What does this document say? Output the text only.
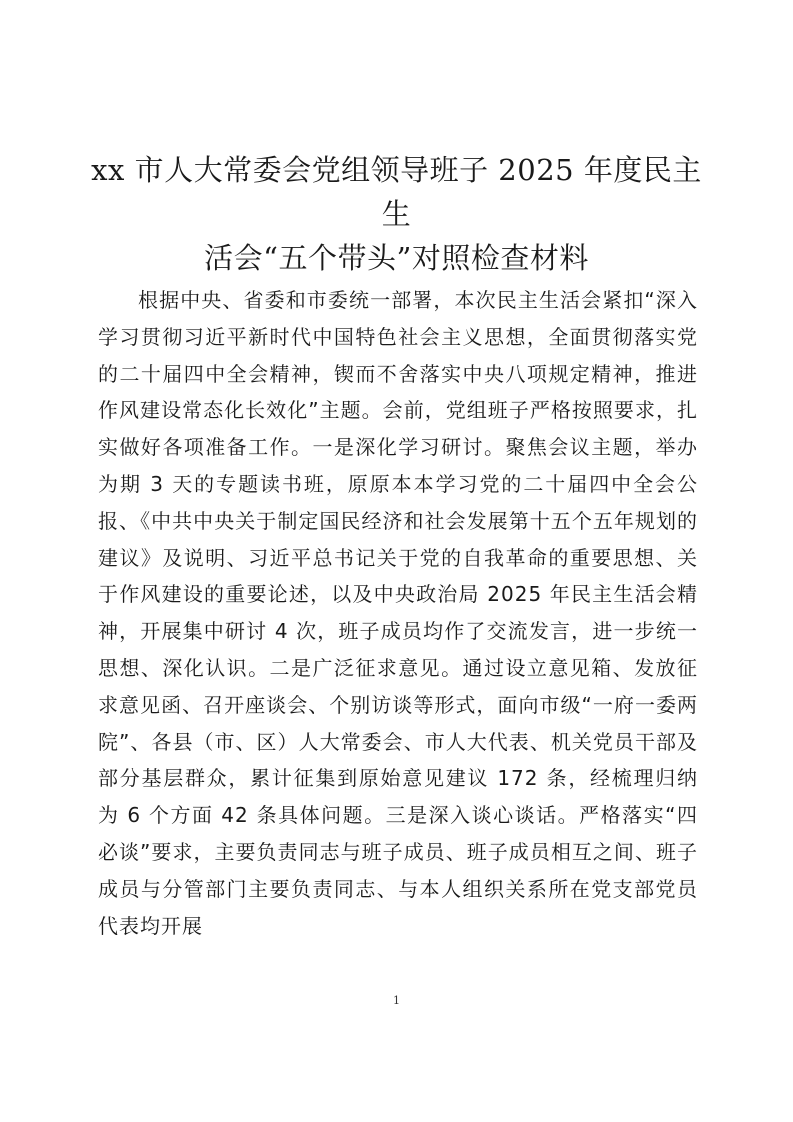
xx 市人大常委会党组领导班子 2025 年度民主生
活会“五个带头”对照检查材料

根据中央、省委和市委统一部署，本次民主生活会紧扣“深入学习贯彻习近平新时代中国特色社会主义思想，全面贯彻落实党的二十届四中全会精神，锲而不舍落实中央八项规定精神，推进作风建设常态化长效化”主题。会前，党组班子严格按照要求，扎实做好各项准备工作。一是深化学习研讨。聚焦会议主题，举办为期 3 天的专题读书班，原原本本学习党的二十届四中全会公报、《中共中央关于制定国民经济和社会发展第十五个五年规划的建议》及说明、习近平总书记关于党的自我革命的重要思想、关于作风建设的重要论述，以及中央政治局 2025 年民主生活会精神，开展集中研讨 4 次，班子成员均作了交流发言，进一步统一思想、深化认识。二是广泛征求意见。通过设立意见箱、发放征求意见函、召开座谈会、个别访谈等形式，面向市级“一府一委两院”、各县（市、区）人大常委会、市人大代表、机关党员干部及部分基层群众，累计征集到原始意见建议 172 条，经梳理归纳为 6 个方面 42 条具体问题。三是深入谈心谈话。严格落实“四必谈”要求，主要负责同志与班子成员、班子成员相互之间、班子成员与分管部门主要负责同志、与本人组织关系所在党支部党员代表均开展

1
